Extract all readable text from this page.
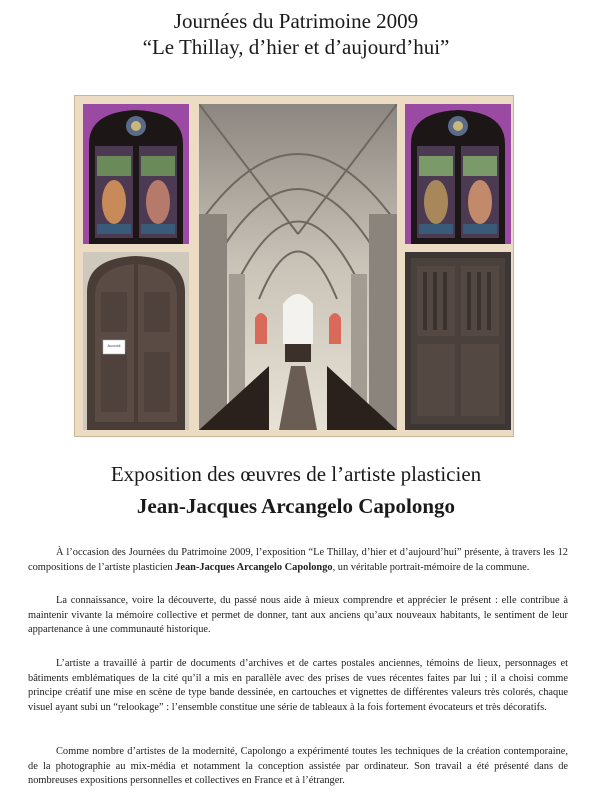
Journées du Patrimoine 2009
“Le Thillay, d’hier et d’aujourd’hui”
Accueil
Exposition des œuvres de l’artiste plasticien
Jean-Jacques Arcangelo Capolongo

À l’occasion des Journées du Patrimoine 2009, l’exposition “Le Thillay, d’hier et d’aujourd’hui” présente, à travers les 12 compositions de l’artiste plasticien Jean-Jacques Arcangelo Capolongo, un véritable portrait-mémoire de la commune.

La connaissance, voire la découverte, du passé nous aide à mieux comprendre et apprécier le présent : elle contribue à maintenir vivante la mémoire collective et permet de donner, tant aux anciens qu’aux nouveaux habitants, le sentiment de leur appartenance à une communauté historique.

L’artiste a travaillé à partir de documents d’archives et de cartes postales anciennes, témoins de lieux, personnages et bâtiments emblématiques de la cité qu’il a mis en parallèle avec des prises de vues récentes faites par lui ; il a choisi comme principe créatif une mise en scène de type bande dessinée, en cartouches et vignettes de différentes valeurs très colorés, chaque visuel ayant subi un “relookage” : l’ensemble constitue une série de tableaux à la fois fortement évocateurs et très décoratifs.

Comme nombre d’artistes de la modernité, Capolongo a expérimenté toutes les techniques de la création contemporaine, de la photographie au mix-média et notamment la conception assistée par ordinateur. Son travail a été présenté dans de nombreuses expositions personnelles et collectives en France et à l’étranger.
